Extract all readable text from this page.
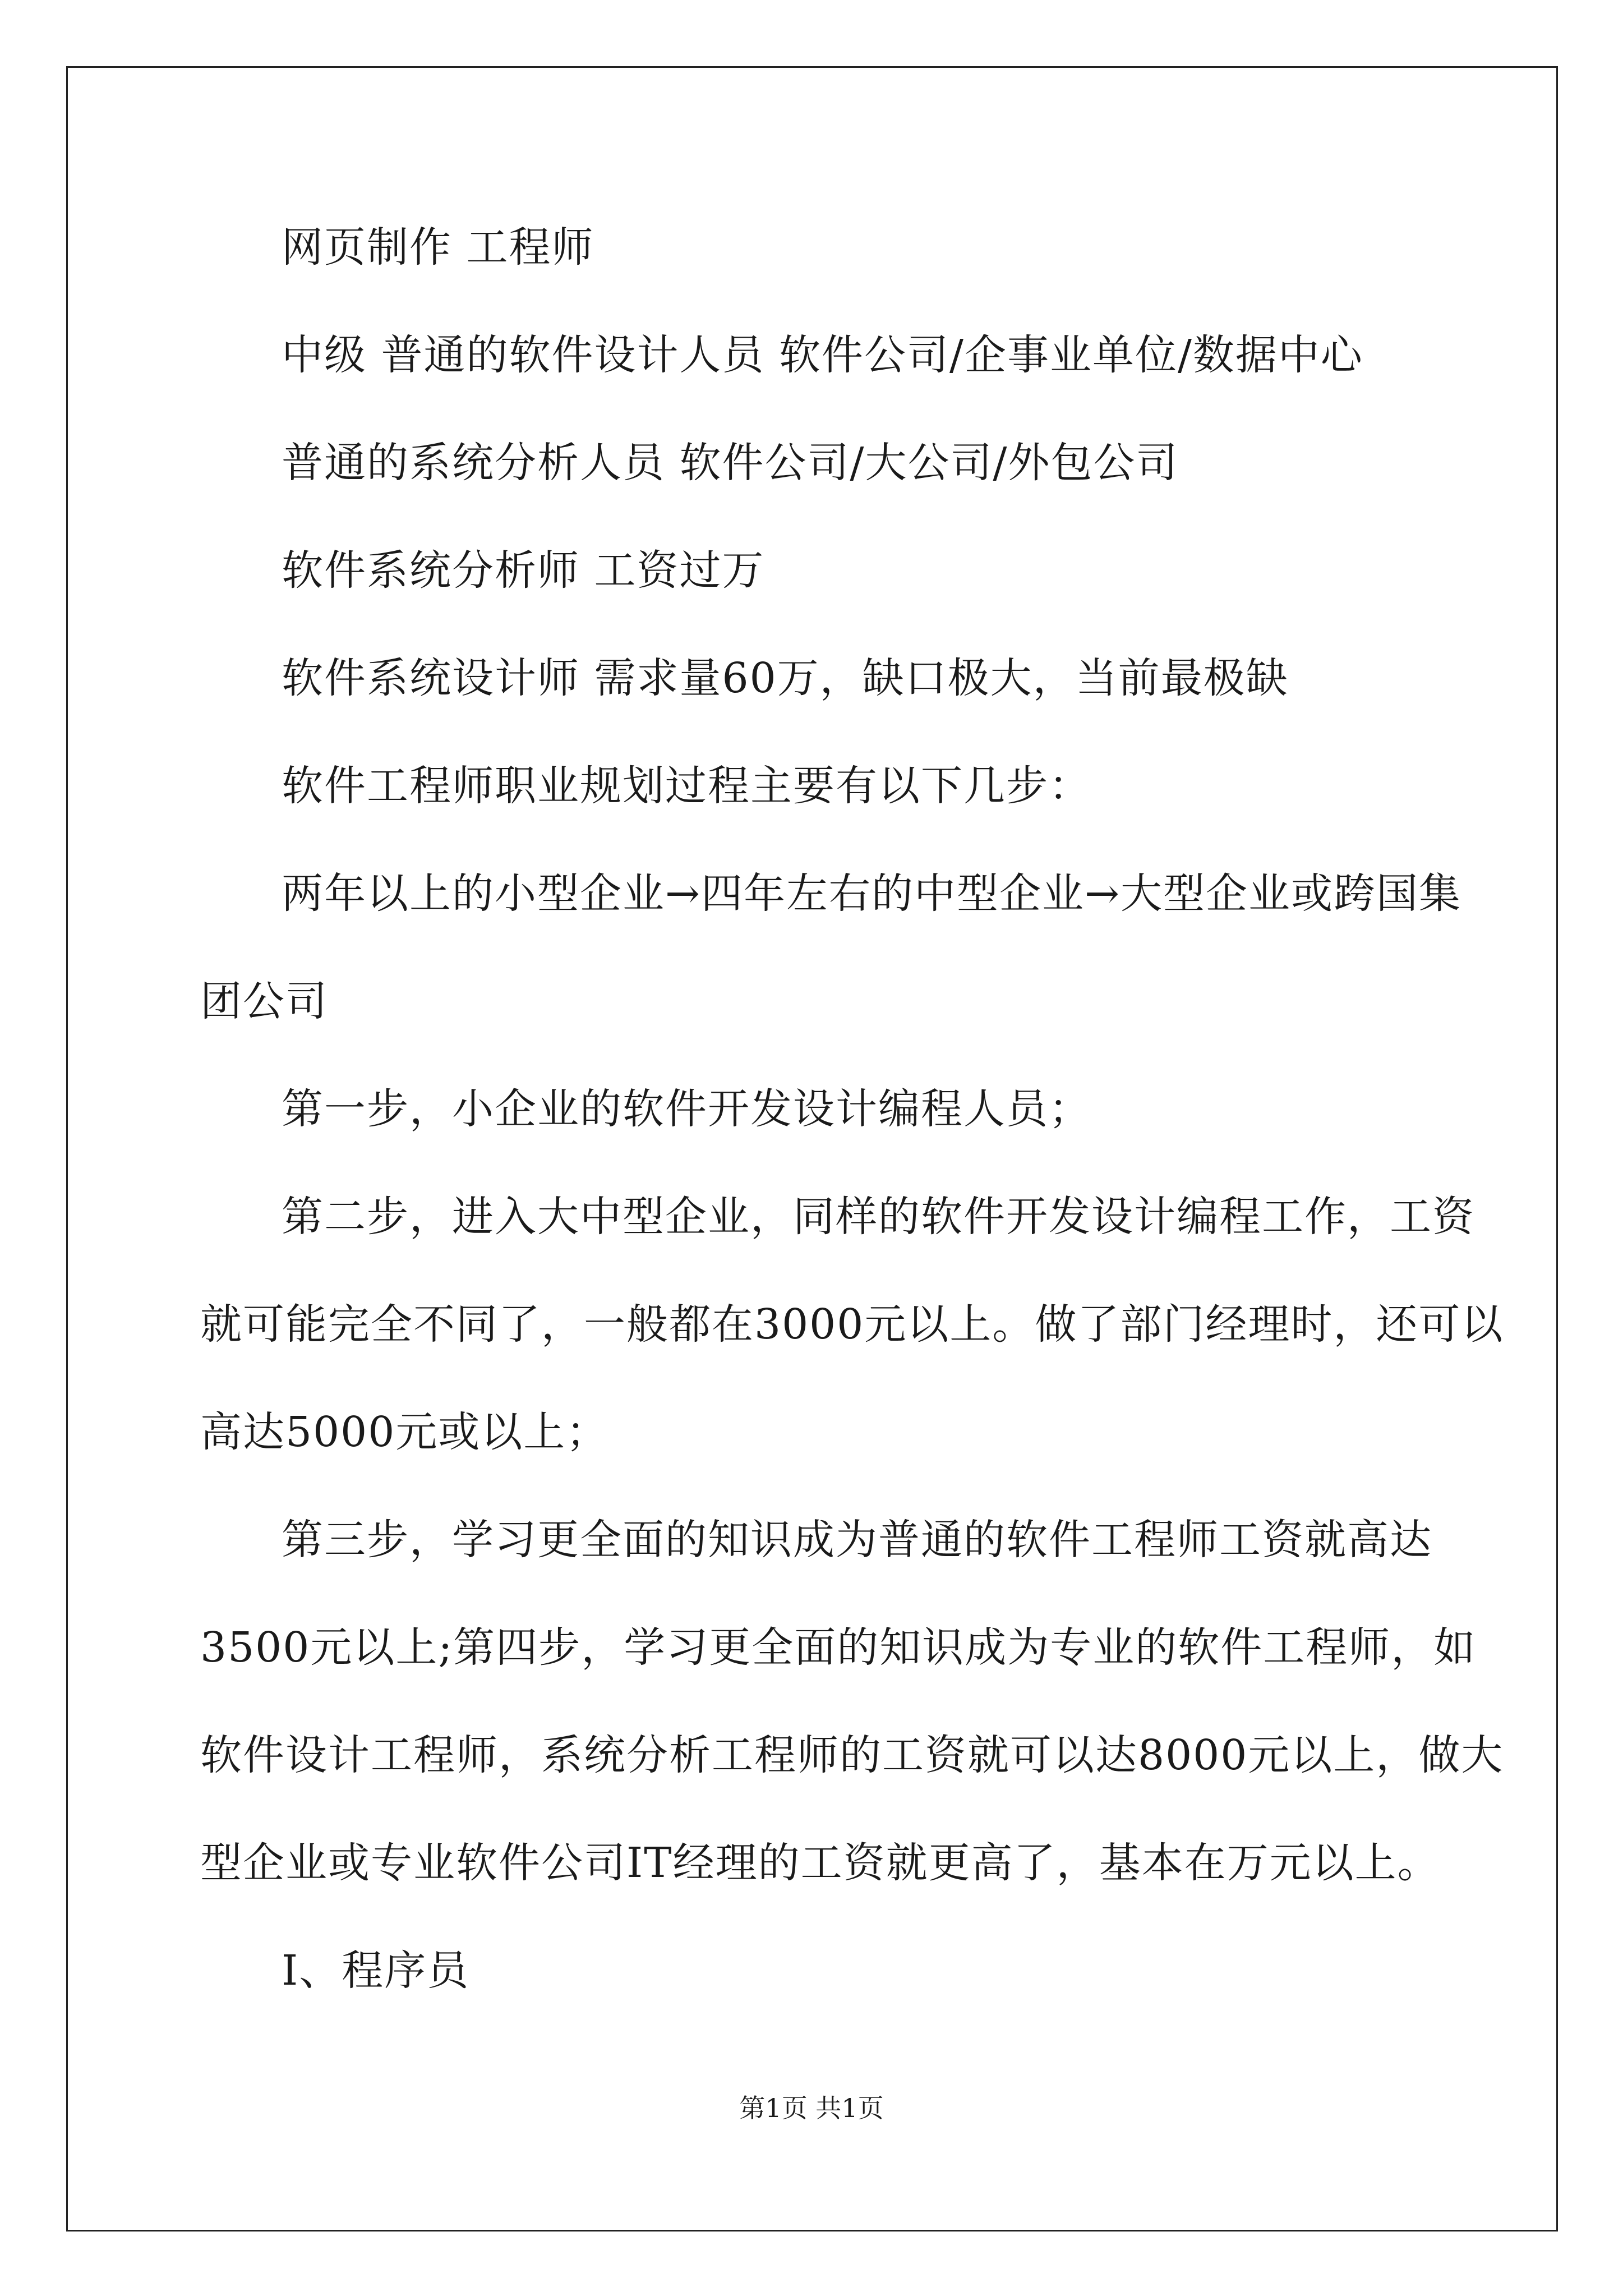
网页制作 工程师

中级 普通的软件设计人员 软件公司/企事业单位/数据中心

普通的系统分析人员 软件公司/大公司/外包公司

软件系统分析师 工资过万

软件系统设计师 需求量60万，缺口极大，当前最极缺

软件工程师职业规划过程主要有以下几步：

两年以上的小型企业→四年左右的中型企业→大型企业或跨国集

团公司

第一步，小企业的软件开发设计编程人员；

第二步，进入大中型企业，同样的软件开发设计编程工作，工资

就可能完全不同了，一般都在3000元以上。做了部门经理时，还可以

高达5000元或以上；

第三步，学习更全面的知识成为普通的软件工程师工资就高达

3500元以上;第四步，学习更全面的知识成为专业的软件工程师，如

软件设计工程师，系统分析工程师的工资就可以达8000元以上，做大

型企业或专业软件公司IT经理的工资就更高了，基本在万元以上。

Ⅰ、程序员

第1页 共1页
